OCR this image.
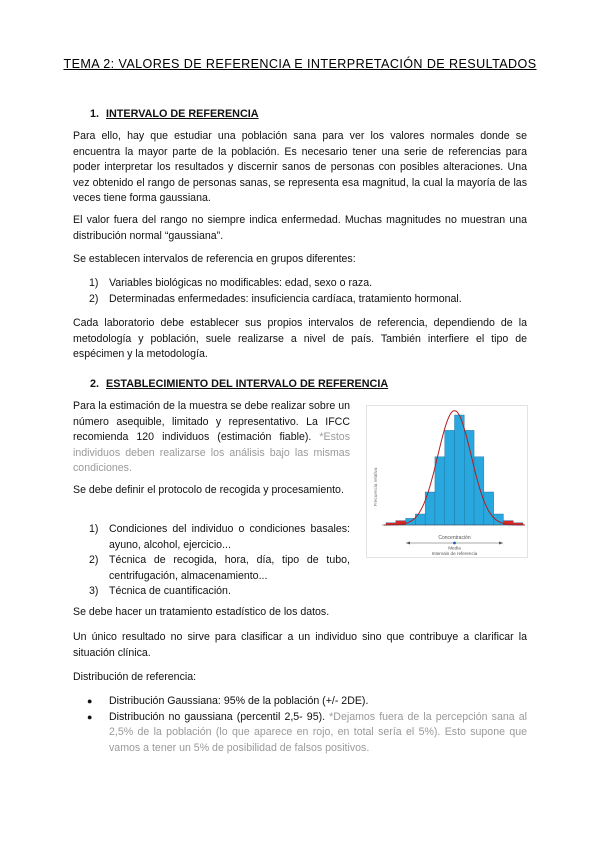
TEMA 2: VALORES DE REFERENCIA E INTERPRETACIÓN DE RESULTADOS
1. INTERVALO DE REFERENCIA

Para ello, hay que estudiar una población sana para ver los valores normales donde se encuentra la mayor parte de la población. Es necesario tener una serie de referencias para poder interpretar los resultados y discernir sanos de personas con posibles alteraciones. Una vez obtenido el rango de personas sanas, se representa esa magnitud, la cual la mayoría de las veces tiene forma gaussiana.

El valor fuera del rango no siempre indica enfermedad. Muchas magnitudes no muestran una distribución normal “gaussiana”.

Se establecen intervalos de referencia en grupos diferentes:

1) Variables biológicas no modificables: edad, sexo o raza.
2) Determinadas enfermedades: insuficiencia cardíaca, tratamiento hormonal.

Cada laboratorio debe establecer sus propios intervalos de referencia, dependiendo de la metodología y población, suele realizarse a nivel de país. También interfiere el tipo de espécimen y la metodología.

2. ESTABLECIMIENTO DEL INTERVALO DE REFERENCIA

Para la estimación de la muestra se debe realizar sobre un número asequible, limitado y representativo. La IFCC recomienda 120 individuos (estimación fiable). *Estos individuos deben realizarse los análisis bajo las mismas condiciones.

Se debe definir el protocolo de recogida y procesamiento.

1) Condiciones del individuo o condiciones basales: ayuno, alcohol, ejercicio...
2) Técnica de recogida, hora, día, tipo de tubo, centrifugación, almacenamiento...
3) Técnica de cuantificación.

Se debe hacer un tratamiento estadístico de los datos.

Un único resultado no sirve para clasificar a un individuo sino que contribuye a clarificar la situación clínica.

Distribución de referencia:

● Distribución Gaussiana: 95% de la población (+/- 2DE).
● Distribución no gaussiana (percentil 2,5- 95). *Dejamos fuera de la percepción sana al 2,5% de la población (lo que aparece en rojo, en total sería el 5%). Esto supone que vamos a tener un 5% de posibilidad de falsos positivos.
Concentración
Media
Intervalo de referencia
Frecuencia relativa
